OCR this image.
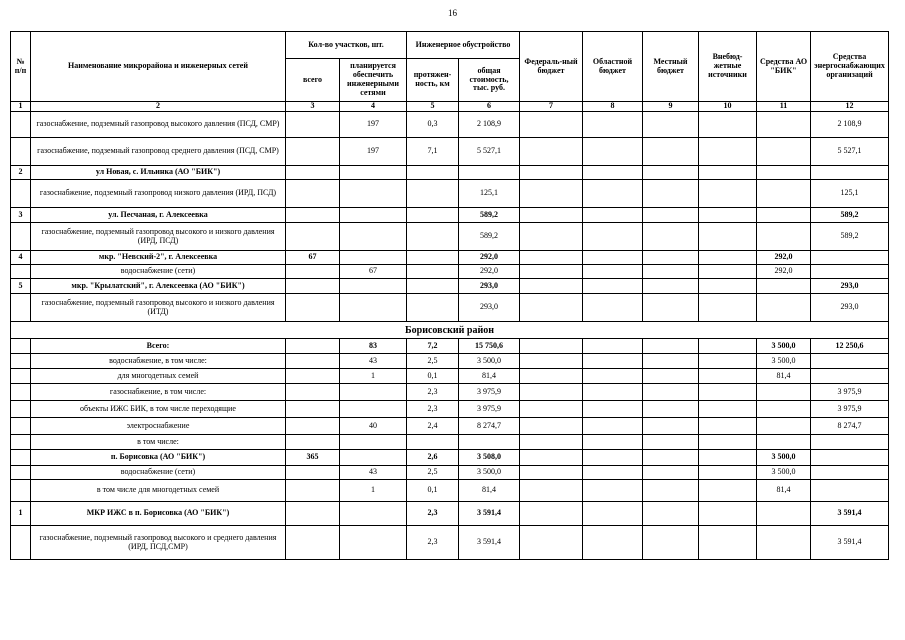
16
№ п/п	Наименование микрорайона и инженерных сетей	Кол-во участков, шт.		Инженерное обустройство		Федераль-ный бюджет	Областной бюджет	Местный бюджет	Внебюд-жетные источники	Средства АО "БИК"	Средства энергоснабжающих организаций
		всего	планируется обеспечить инженерными сетями	протяжен-ность, км	общая стоимость, тыс. руб.						
1	2	3	4	5	6	7	8	9	10	11	12
	газоснабжение, подземный газопровод высокого давления (ПСД, СМР)		197	0,3	2 108,9						2 108,9
	газоснабжение, подземный газопровод среднего давления (ПСД, СМР)		197	7,1	5 527,1						5 527,1
2	ул Новая, с. Ильинка (АО "БИК")										
	газоснабжение, подземный газопровод низкого давления (ИРД, ПСД)				125,1						125,1
3	ул. Песчаная, г. Алексеевка				589,2						589,2
	газоснабжение, подземный газопровод высокого и низкого давления (ИРД, ПСД)				589,2						589,2
4	мкр. "Невский-2", г. Алексеевка	67			292,0					292,0	
	водоснабжение (сети)		67		292,0					292,0	
5	мкр. "Крылатский", г. Алексеевка (АО "БИК")				293,0						293,0
	газоснабжение, подземный газопровод высокого и низкого давления (ИТД)				293,0						293,0
Борисовский район											
	Всего:		83	7,2	15 750,6					3 500,0	12 250,6
	водоснабжение, в том числе:		43	2,5	3 500,0					3 500,0	
	для многодетных семей		1	0,1	81,4					81,4	
	газоснабжение, в том числе:			2,3	3 975,9						3 975,9
	объекты ИЖС БИК, в том числе переходящие			2,3	3 975,9						3 975,9
	электроснабжение		40	2,4	8 274,7						8 274,7
	в том числе:										
	п. Борисовка (АО "БИК")	365		2,6	3 508,0					3 500,0	
	водоснабжение (сети)		43	2,5	3 500,0					3 500,0	
	в том числе для многодетных семей		1	0,1	81,4					81,4	
1	МКР ИЖС в п. Борисовка (АО "БИК")			2,3	3 591,4						3 591,4
	газоснабжение, подземный газопровод высокого и среднего давления (ИРД, ПСД,СМР)			2,3	3 591,4						3 591,4
